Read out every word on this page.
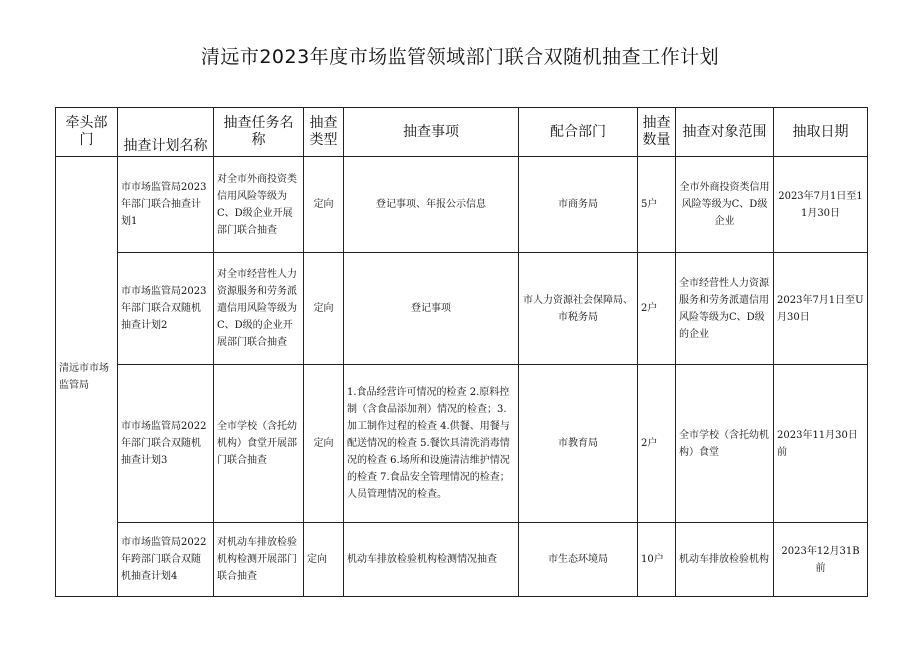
清远市2023年度市场监管领域部门联合双随机抽查工作计划
牵头部门	抽查计划名称	抽查任务名称	抽查类型	抽查事项	配合部门	抽查数量	抽查对象范围	抽取日期
清远市市场监管局	市市场监管局2023年部门联合抽查计划1	对全市外商投资类信用风险等级为C、D级企业开展部门联合抽查	定向	登记事项、年报公示信息	市商务局	5户	全市外商投资类信用风险等级为C、D级企业	2023年7月1日至11月30日
	市市场监管局2023年部门联合双随机抽查计划2	对全市经营性人力资源服务和劳务派遣信用风险等级为C、D级的企业开展部门联合抽查	定向	登记事项	市人力资源社会保障局、市税务局	2户	全市经营性人力资源服务和劳务派遣信用风险等级为C、D级的企业	2023年7月1日至U月30日
	市市场监管局2022年部门联合双随机抽查计划3	全市学校（含托幼机构）食堂开展部门联合抽查	定向	1.食品经营许可情况的检查 2.原料控制（含食品添加剂）情况的检查；3.加工制作过程的检查 4.供餐、用餐与配送情况的检查 5.餐饮具清洗消毒情况的检查 6.场所和设施清洁维护情况的检查 7.食品安全管理情况的检查；人员管理情况的检查。	市教育局	2户	全市学校（含托幼机构）食堂	2023年11月30日前
	市市场监管局2022年跨部门联合双随机抽查计划4	对机动车排放检验机构检测开展部门联合抽查	定向	机动车排放检验机构检测情况抽查	市生态环境局	10户	机动车排放检验机构	2023年12月31B前
